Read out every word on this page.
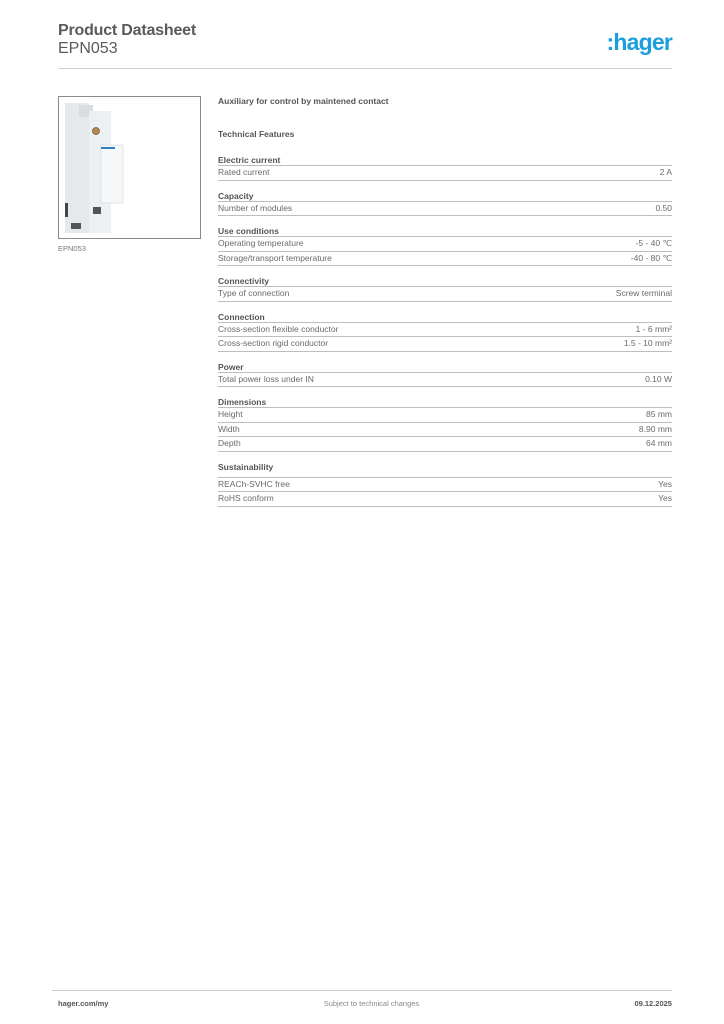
Product Datasheet
EPN053	:hager
EPN053
Auxiliary for control by maintened contact
Technical Features
Electric current
Rated current	2 A
Capacity
Number of modules	0.50
Use conditions
Operating temperature	-5 - 40 ℃
Storage/transport temperature	-40 - 80 ℃
Connectivity
Type of connection	Screw terminal
Connection
Cross-section flexible conductor	1 - 6 mm²
Cross-section rigid conductor	1.5 - 10 mm²
Power
Total power loss under IN	0.10 W
Dimensions
Height	85 mm
Width	8.90 mm
Depth	64 mm
Sustainability
REACh-SVHC free	Yes
RoHS conform	Yes
hager.com/my	Subject to technical changes	09.12.2025
